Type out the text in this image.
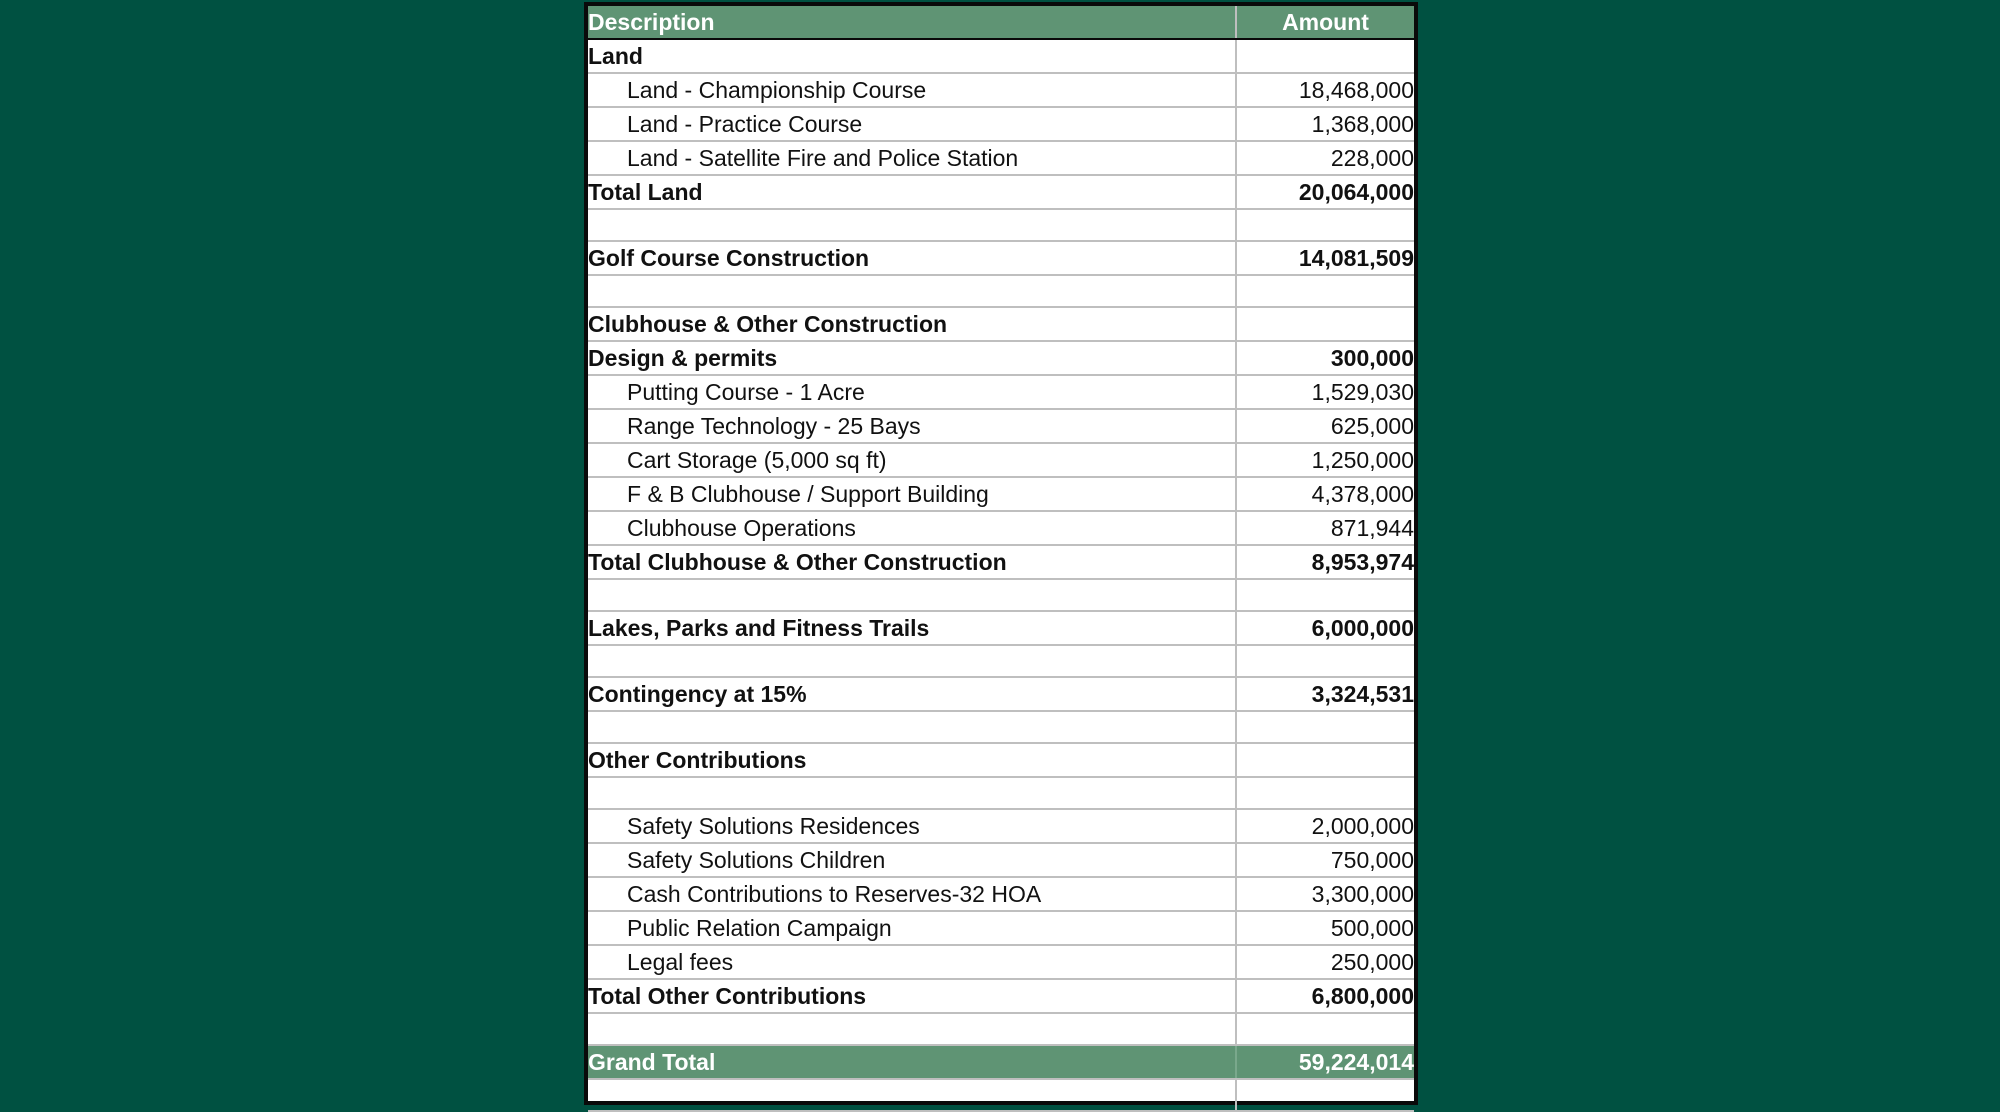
Description	Amount
Land	
Land - Championship Course	18,468,000
Land - Practice Course	1,368,000
Land - Satellite Fire and Police Station	228,000
Total Land	20,064,000

Golf Course Construction	14,081,509

Clubhouse & Other Construction	
Design & permits	300,000
Putting Course - 1 Acre	1,529,030
Range Technology - 25 Bays	625,000
Cart Storage (5,000 sq ft)	1,250,000
F & B Clubhouse / Support Building	4,378,000
Clubhouse Operations	871,944
Total Clubhouse & Other Construction	8,953,974

Lakes, Parks and Fitness Trails	6,000,000

Contingency at 15%	3,324,531

Other Contributions	

Safety Solutions Residences	2,000,000
Safety Solutions Children	750,000
Cash Contributions to Reserves-32 HOA	3,300,000
Public Relation Campaign	500,000
Legal fees	250,000
Total Other Contributions	6,800,000

Grand Total	59,224,014
